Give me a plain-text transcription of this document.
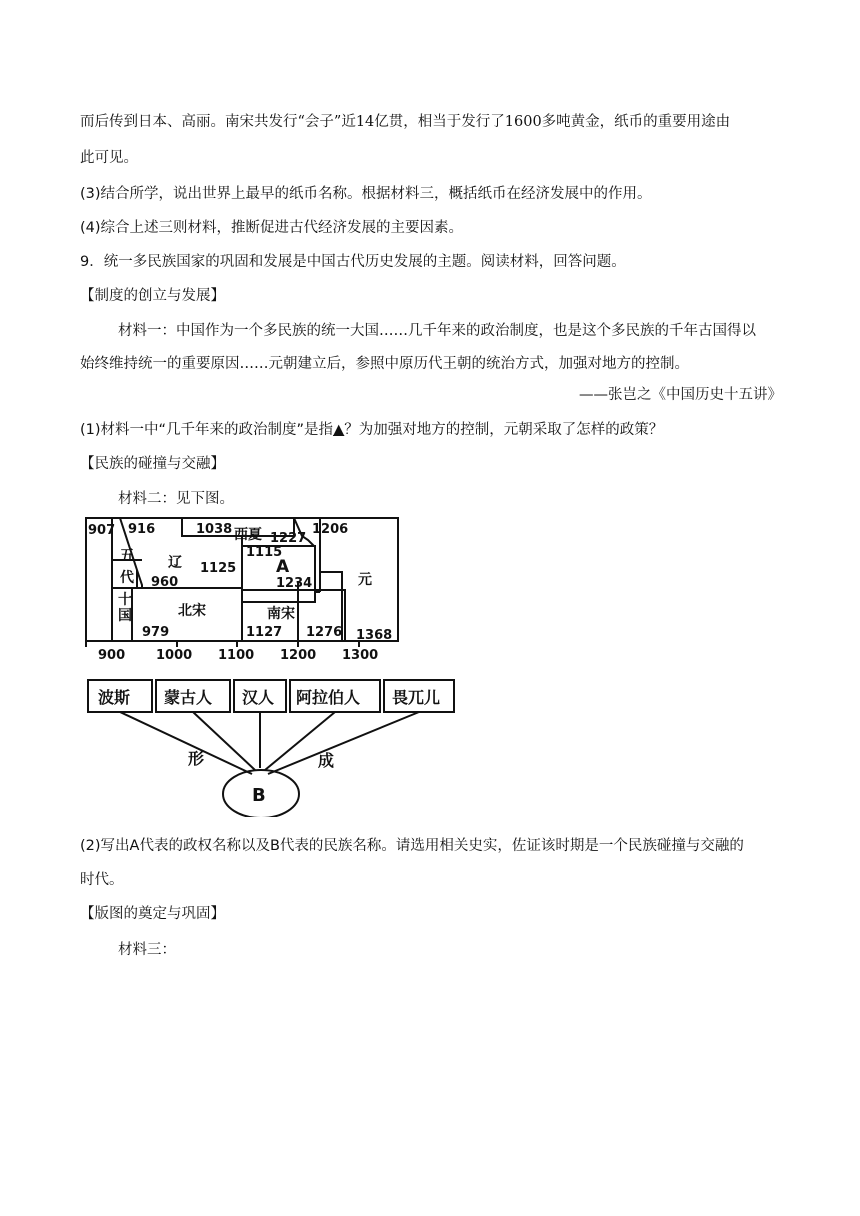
而后传到日本、高丽。南宋共发行“会子”近14亿贯，相当于发行了1600多吨黄金，纸币的重要用途由
此可见。
(3)结合所学，说出世界上最早的纸币名称。根据材料三，概括纸币在经济发展中的作用。
(4)综合上述三则材料，推断促进古代经济发展的主要因素。
9．统一多民族国家的巩固和发展是中国古代历史发展的主题。阅读材料，回答问题。
【制度的创立与发展】
材料一：中国作为一个多民族的统一大国……几千年来的政治制度，也是这个多民族的千年古国得以
始终维持统一的重要原因……元朝建立后，参照中原历代王朝的统治方式，加强对地方的控制。
——张岂之《中国历史十五讲》
(1)材料一中“几千年来的政治制度”是指▲？为加强对地方的控制，元朝采取了怎样的政策？
【民族的碰撞与交融】
材料二：见下图。
907 916	1038 西夏 1227
1206
1115
五
代
辽 1125 A
1234	元
960
十
国	北宋	南宋
979	1127 1276 1368
900 1000 1100 1200 1300
波斯 蒙古人 汉人 阿拉伯人 畏兀儿
形	成
B
(2)写出A代表的政权名称以及B代表的民族名称。请选用相关史实，佐证该时期是一个民族碰撞与交融的
时代。
【版图的奠定与巩固】
材料三：
